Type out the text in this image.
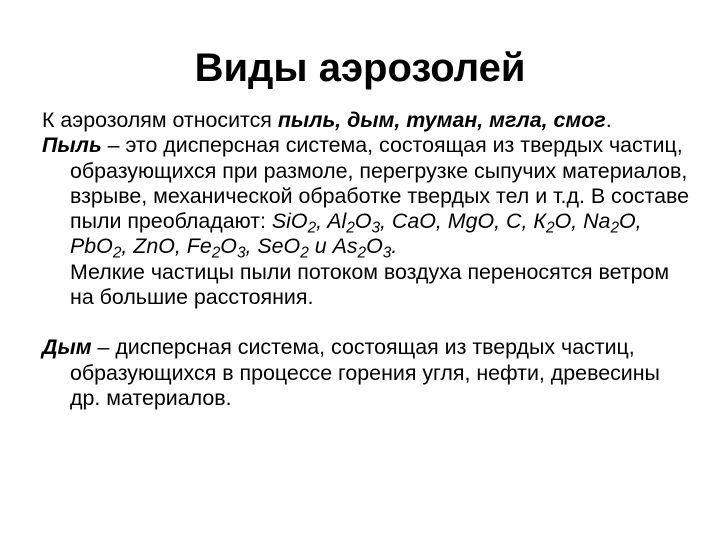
Виды аэрозолей

К аэрозолям относится пыль, дым, туман, мгла, смог.

Пыль – это дисперсная система, состоящая из твердых частиц, образующихся при размоле, перегрузке сыпучих материалов, взрыве, механической обработке твердых тел и т.д. В составе пыли преобладают: SiO$_2$, $Al_2O_3$, CaO, MgO, C, $К_2O$, $Na_2O$, PbO$_2$, ZnO, $Fe_2O_3$, SeO$_2$ и $As_2O_3$.
Мелкие частицы пыли потоком воздуха переносятся ветром на большие расстояния.

Дым – дисперсная система, состоящая из твердых частиц, образующихся в процессе горения угля, нефти, древесины др. материалов.
